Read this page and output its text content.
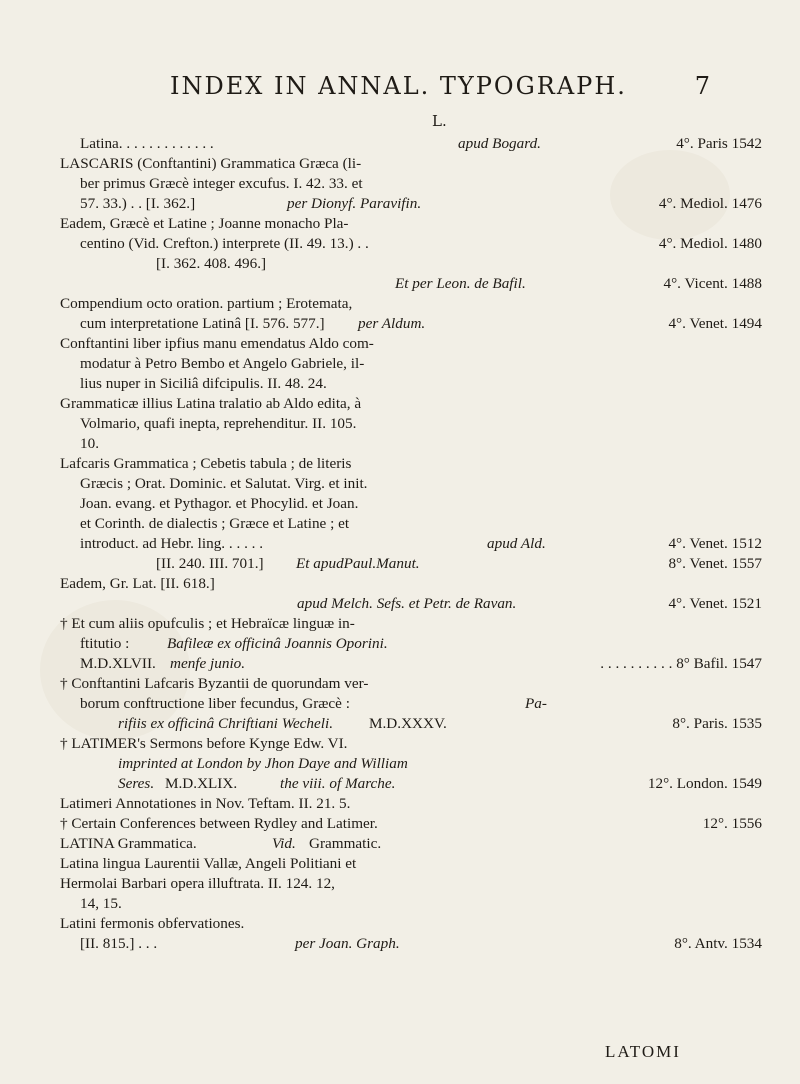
INDEX IN ANNAL. TYPOGRAPH.	7
L.
Latina. . . . . . . . . . . . .	apud Bogard.	4°. Paris 1542
LASCARIS (Conftantini) Grammatica Græca (li-
ber primus Græcè integer excufus. I. 42. 33. et
57. 33.) . . [I. 362.]	per Dionyf. Paravifin.	4°. Mediol. 1476
Eadem, Græcè et Latine ; Joanne monacho Pla-
centino (Vid. Crefton.) interprete (II. 49. 13.) . .	4°. Mediol. 1480
[I. 362. 408. 496.]
Et per Leon. de Bafil.	4°. Vicent. 1488
Compendium octo oration. partium ; Erotemata,
cum interpretatione Latinâ [I. 576. 577.] per Aldum.	4°. Venet. 1494
Conftantini liber ipfius manu emendatus Aldo com-
modatur à Petro Bembo et Angelo Gabriele, il-
lius nuper in Siciliâ difcipulis. II. 48. 24.
Grammaticæ illius Latina tralatio ab Aldo edita, à
Volmario, quafi inepta, reprehenditur. II. 105.
10.
Lafcaris Grammatica ; Cebetis tabula ; de literis
Græcis ; Orat. Dominic. et Salutat. Virg. et init.
Joan. evang. et Pythagor. et Phocylid. et Joan.
et Corinth. de dialectis ; Græce et Latine ; et
introduct. ad Hebr. ling. . . . . .	apud Ald.	4°. Venet. 1512
[II. 240. III. 701.] Et apudPaul.Manut.	8°. Venet. 1557
Eadem, Gr. Lat. [II. 618.]
apud Melch. Sefs. et Petr. de Ravan.	4°. Venet. 1521
† Et cum aliis opufculis ; et Hebraïcæ linguæ in-
ftitutio : Bafileæ ex officinâ Joannis Oporini.
M.D.XLVII. menfe junio.	. . . . . . . . . . 8° Bafil. 1547
† Conftantini Lafcaris Byzantii de quorundam ver-
borum conftructione liber fecundus, Græcè :	Pa-
rifiis ex officinâ Chriftiani Wecheli. M.D.XXXV.	8°. Paris. 1535
† LATIMER's Sermons before Kynge Edw. VI.
imprinted at London by Jhon Daye and William
Seres. M.D.XLIX.	the viii. of Marche.	12°. London. 1549
Latimeri Annotationes in Nov. Teftam. II. 21. 5.
† Certain Conferences between Rydley and Latimer.	12°. 1556
LATINA Grammatica.	Vid. Grammatic.
Latina lingua Laurentii Vallæ, Angeli Politiani et
Hermolai Barbari opera illuftrata. II. 124. 12,
14, 15.
Latini fermonis obfervationes.
[II. 815.] . . .	per Joan. Graph.	8°. Antv. 1534
LATOMI
